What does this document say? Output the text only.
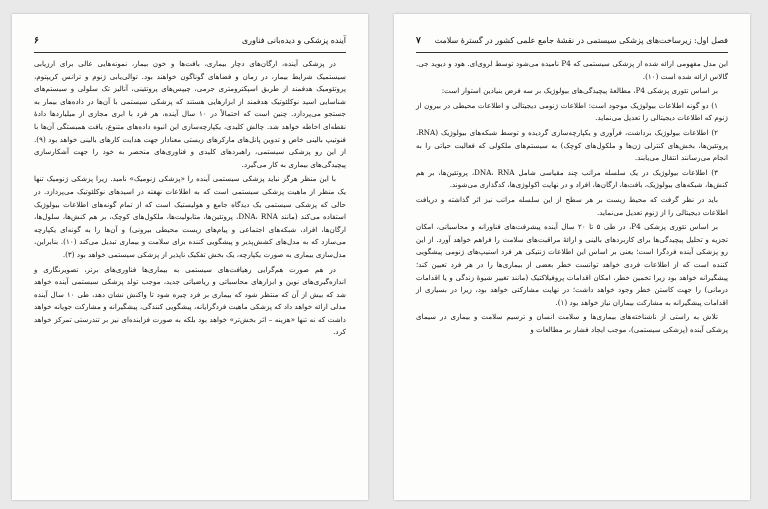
آینده پزشکی و دیده‌بانی فناوری
۶

در پزشکی آینده، ارگان‌های دچار بیماری، بافت‌ها و خون بیمار، نمونه‌هایی عالی برای ارزیابی سیستمیک شرایط بیمار، در زمان و فضاهای گوناگون خواهند بود. توالی‌یابی ژنوم و ترانس کریپتوم، پروتئومیک هدفمند از طریق اسپکترومتری جرمی، چیپس‌های پروتئینی، آنالیز تک سلولی و سیستم‌های شناسایی اسید نوکلئوتیک هدفمند از ابزارهایی هستند که پزشکی سیستمی با آن‌ها در داده‌های بیمار به جستجو می‌پردازد. چنین است که احتمالاً در ۱۰ سال آینده، هر فرد با ابری مجازی از میلیاردها دادهٔ نقطه‌ای احاطه خواهد شد. چالش کلیدی، یکپارچه‌سازی این انبوه داده‌های متنوع، یافت همبستگی آن‌ها با فنوتیپ بالینی خاص و تدوین پانل‌های مارکرهای زیستی معنادار جهت هدایت کارهای بالینی خواهد بود (۹). از این رو پزشکی سیستمی، راهبردهای کلیدی و فناوری‌های منحصر به خود را جهت آشکارسازی پیچیدگی‌های بیماری به کار می‌گیرد.

با این منظر هرگز نباید پزشکی سیستمی آینده را «پزشکی ژنومیک» نامید. زیرا پزشکی ژنومیک تنها یک منظر از ماهیت پزشکی سیستمی است که به اطلاعات نهفته در اسیدهای نوکلئوتیک می‌پردازد. در حالی که پزشکی سیستمی یک دیدگاه جامع و هولیستیک است که از تمام گونه‌های اطلاعات بیولوژیک استفاده می‌کند (مانند DNA، RNA، پروتئین‌ها، متابولیت‌ها، ملکول‌های کوچک، بر هم کنش‌ها، سلول‌ها، ارگان‌ها، افراد، شبکه‌های اجتماعی و پیام‌های زیست محیطی بیرونی) و آن‌ها را به گونه‌ای یکپارچه می‌سازد که به مدل‌های کشش‌پذیر و پیشگویی کننده برای سلامت و بیماری تبدیل می‌کند (۱۰). بنابراین، مدل‌سازی بیماری به صورت یکپارچه، یک بخش تفکیک ناپذیر از پزشکی سیستمی خواهد بود (۳).

در هم صورت هم‌گرایی رهیافت‌های سیستمی به بیماری‌ها فناوری‌های برتر، تصویرنگاری و اندازه‌گیری‌های نوین و ابزارهای محاسباتی و ریاضیاتی جدید، موجب تولد پزشکی سیستمی آینده خواهد شد که بیش از آن که منتظر شود که بیماری بر فرد چیره شود تا واکنش نشان دهد، طی ۱۰ سال آینده مدلی ارائه خواهد داد که پزشکی ماهیت فردگرایانه، پیشگویی کنندگی، پیشگیرانه و مشارکت جویانه خواهد داشت که نه تنها «هزینه – اثر بخش‌تر» خواهد بود بلکه به صورت فزاینده‌ای نیز بر تندرستی تمرکز خواهد کرد.

فصل اول: زیرساخت‌های پزشکی سیستمی در نقشهٔ جامع علمی کشور در گسترهٔ سلامت
۷

این مدل مفهومی ارائه شده از پزشکی سیستمی که P4 نامیده می‌شود توسط لروی‌ای. هود و دیوید جی. گالاس ارائه شده است (۱۰).

بر اساس تئوری پزشکی P4، مطالعهٔ پیچیدگی‌های بیولوژیک بر سه فرض بنیادین استوار است:

۱) دو گونه اطلاعات بیولوژیک موجود است: اطلاعات ژنومی دیجیتالی و اطلاعات محیطی در بیرون از ژنوم که اطلاعات دیجیتالی را تعدیل می‌نماید.

۲) اطلاعات بیولوژیک برداشت، فرآوری و یکپارچه‌سازی گردیده و توسط شبکه‌های بیولوژیک (RNA، پروتئین‌ها، بخش‌های کنترلی ژن‌ها و ملکول‌های کوچک) به سیستم‌های ملکولی که فعالیت حیاتی را به انجام می‌رسانند انتقال می‌یابند.

۳) اطلاعات بیولوژیک در یک سلسله مراتب چند مقیاسی شامل DNA، RNA، پروتئین‌ها، بر هم کنش‌ها، شبکه‌های بیولوژیک، بافت‌ها، ارگان‌ها، افراد و در نهایت اکولوژی‌ها، کدگذاری می‌شوند.

باید در نظر گرفت که محیط زیست بر هر سطح از این سلسله مراتب نیز اثر گذاشته و دریافت اطلاعات دیجیتالی را از ژنوم تعدیل می‌نماید.

بر اساس تئوری پزشکی P4، در طی ۵ تا ۲۰ سال آینده پیشرفت‌های فناورانه و محاسباتی، امکان تجزیه و تحلیل پیچیدگی‌ها برای کاربردهای بالینی و ارائهٔ مراقبت‌های سلامت را فراهم خواهد آورد. از این رو پزشکی آینده فردگرا است؛ یعنی بر اساس این اطلاعات ژنتیکی هر فرد اسنیپ‌های ژنومی پیشگویی کننده است که از اطلاعات فردی خواهد توانست خطر بعضی از بیماری‌ها را در هر فرد تعیین کند؛ پیشگیرانه خواهد بود زیرا تخمین خطر، امکان اقدامات پروفیلاکتیک (مانند تغییر شیوهٔ زندگی و یا اقدامات درمانی) را جهت کاستن خطر وجود خواهد داشت؛ در نهایت مشارکتی خواهد بود، زیرا در بسیاری از اقدامات پیشگیرانه به مشارکت بیماران نیاز خواهد بود (۱).

تلاش به راستی از ناشناخته‌های بیماری‌ها و سلامت انسان و ترسیم سلامت و بیماری در سیمای پزشکی آینده (پزشکی سیستمی)، موجب ایجاد فشار بر مطالعات و
